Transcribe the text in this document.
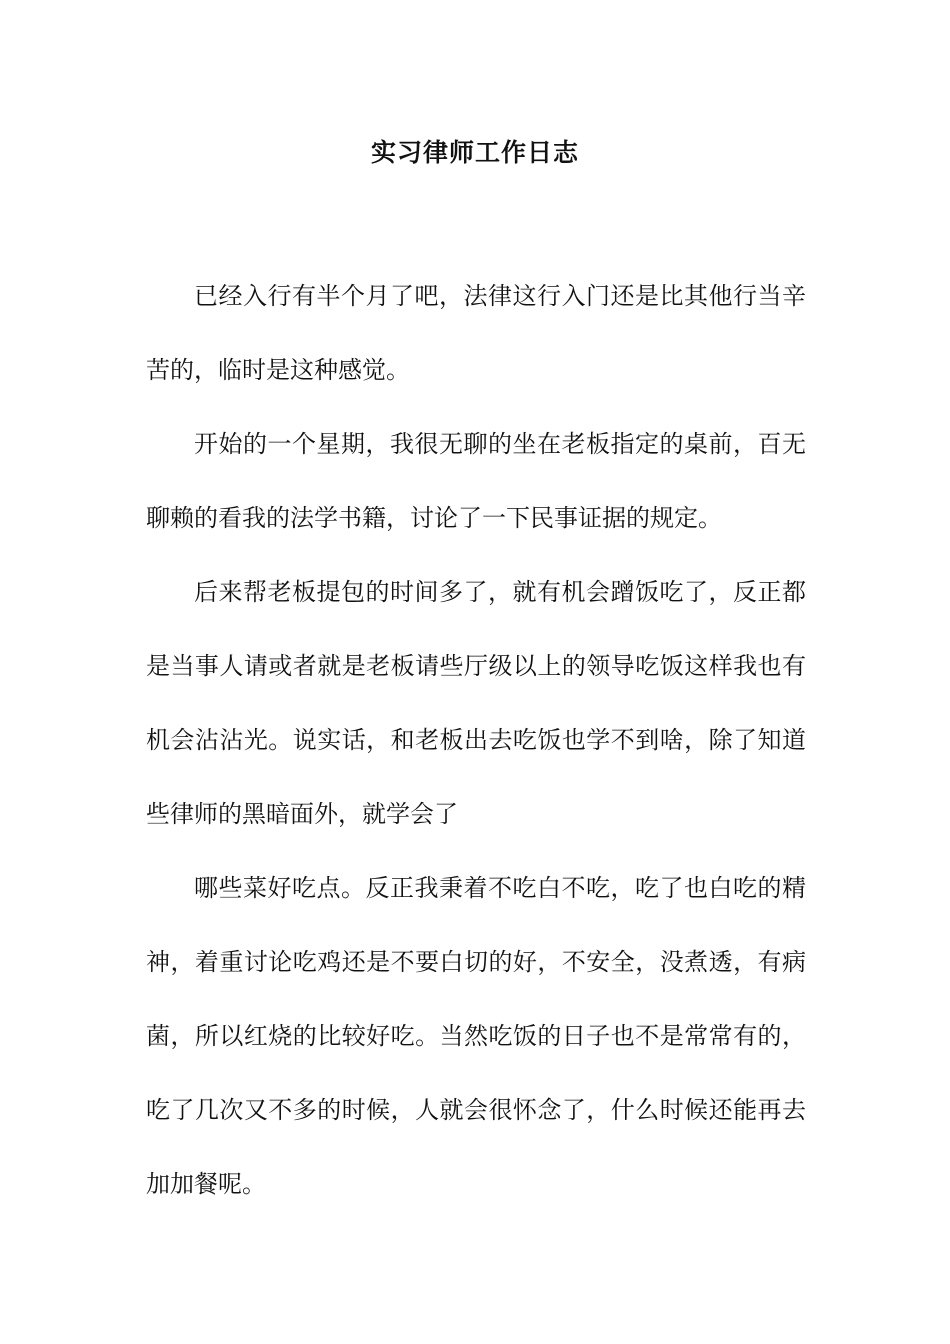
实习律师工作日志

已经入行有半个月了吧，法律这行入门还是比其他行当辛苦的，临时是这种感觉。

开始的一个星期，我很无聊的坐在老板指定的桌前，百无聊赖的看我的法学书籍，讨论了一下民事证据的规定。

后来帮老板提包的时间多了，就有机会蹭饭吃了，反正都是当事人请或者就是老板请些厅级以上的领导吃饭这样我也有机会沾沾光。说实话，和老板出去吃饭也学不到啥，除了知道些律师的黑暗面外，就学会了

哪些菜好吃点。反正我秉着不吃白不吃，吃了也白吃的精神，着重讨论吃鸡还是不要白切的好，不安全，没煮透，有病菌，所以红烧的比较好吃。当然吃饭的日子也不是常常有的，吃了几次又不多的时候，人就会很怀念了，什么时候还能再去加加餐呢。
